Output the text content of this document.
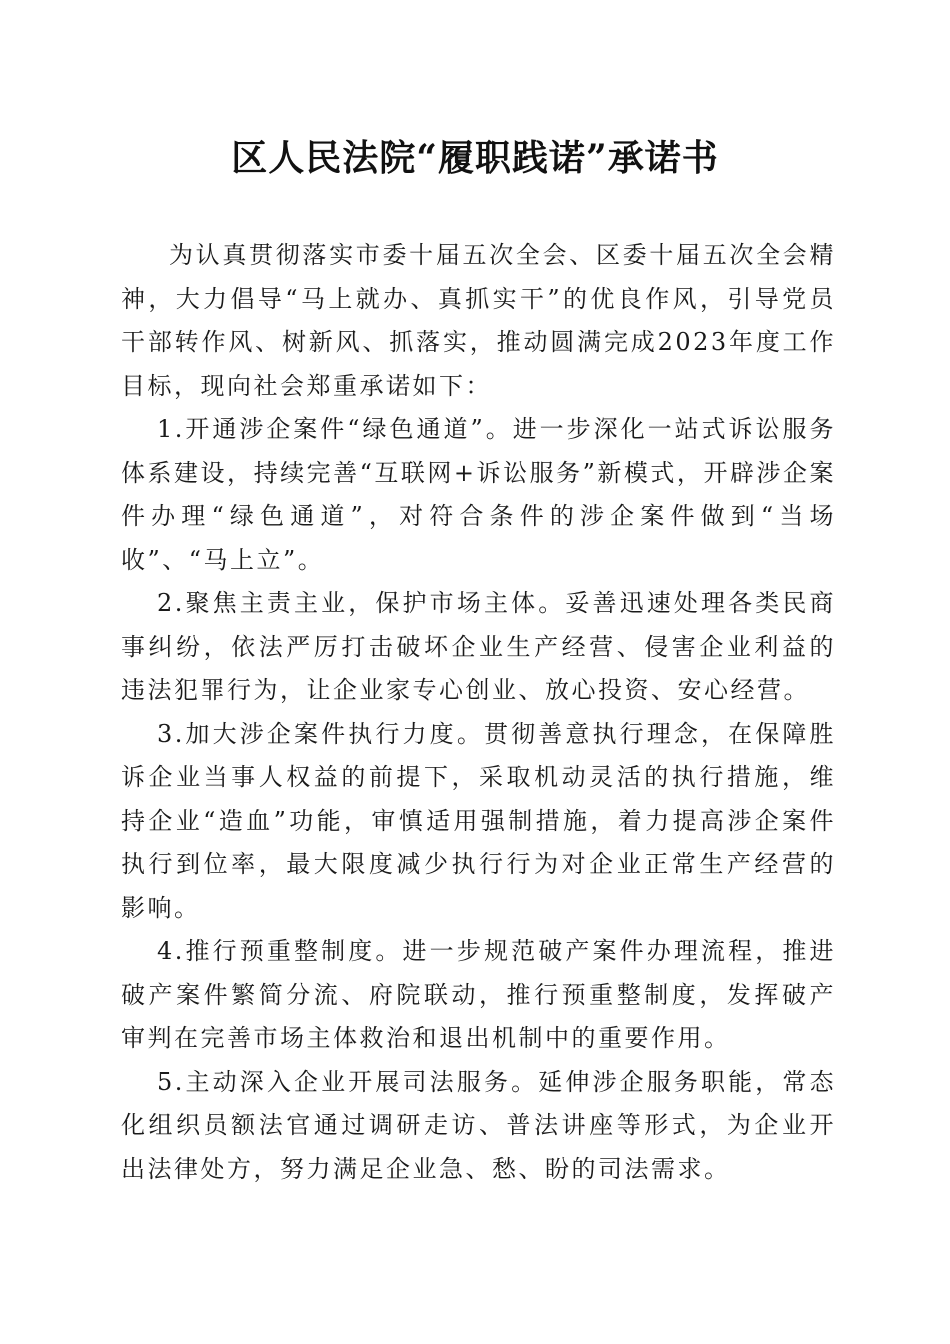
区人民法院“履职践诺”承诺书

为认真贯彻落实市委十届五次全会、区委十届五次全会精神，大力倡导“马上就办、真抓实干”的优良作风，引导党员干部转作风、树新风、抓落实，推动圆满完成2023年度工作目标，现向社会郑重承诺如下：

1.开通涉企案件“绿色通道”。进一步深化一站式诉讼服务体系建设，持续完善“互联网+诉讼服务”新模式，开辟涉企案件办理“绿色通道”，对符合条件的涉企案件做到“当场收”、“马上立”。

2.聚焦主责主业，保护市场主体。妥善迅速处理各类民商事纠纷，依法严厉打击破坏企业生产经营、侵害企业利益的违法犯罪行为，让企业家专心创业、放心投资、安心经营。

3.加大涉企案件执行力度。贯彻善意执行理念，在保障胜诉企业当事人权益的前提下，采取机动灵活的执行措施，维持企业“造血”功能，审慎适用强制措施，着力提高涉企案件执行到位率，最大限度减少执行行为对企业正常生产经营的影响。

4.推行预重整制度。进一步规范破产案件办理流程，推进破产案件繁简分流、府院联动，推行预重整制度，发挥破产审判在完善市场主体救治和退出机制中的重要作用。

5.主动深入企业开展司法服务。延伸涉企服务职能，常态化组织员额法官通过调研走访、普法讲座等形式，为企业开出法律处方，努力满足企业急、愁、盼的司法需求。
